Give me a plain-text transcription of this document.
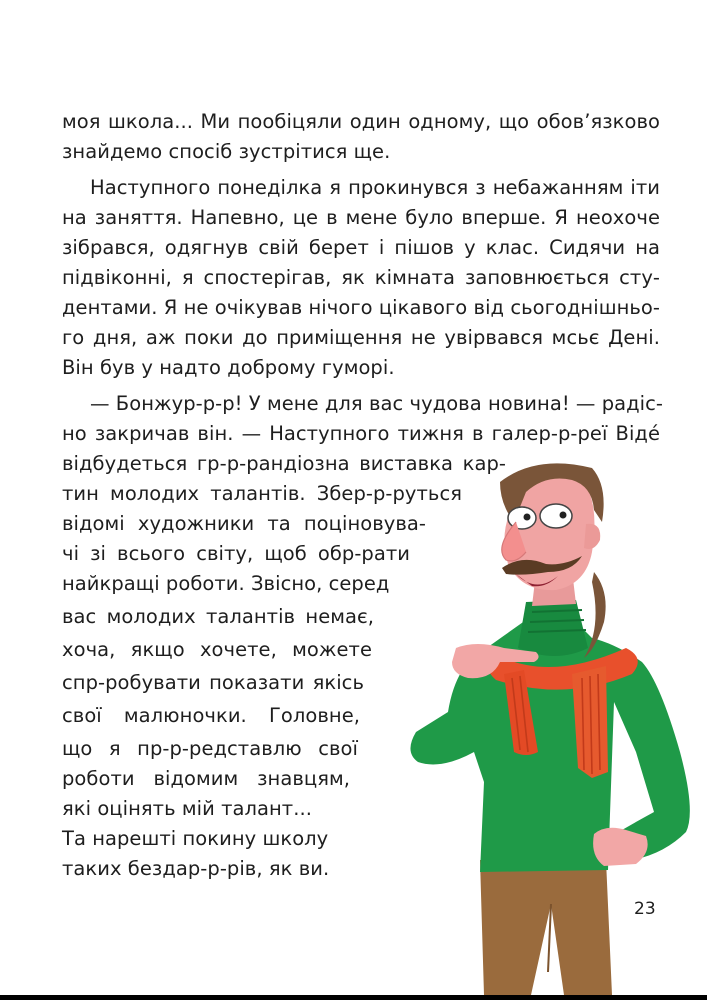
моя школа... Ми пообіцяли один одному, що обов’язково
знайдемо спосіб зустрітися ще.
Наступного понеділка я прокинувся з небажанням іти
на заняття. Напевно, це в мене було вперше. Я неохоче
зібрався, одягнув свій берет і пішов у клас. Сидячи на
підвіконні, я спостерігав, як кімната заповнюється сту-
дентами. Я не очікував нічого цікавого від сьогоднішньо-
го дня, аж поки до приміщення не увірвався мсьє Дені.
Він був у надто доброму гуморі.
— Бонжур-р-р! У мене для вас чудова новина! — радіс-
но закричав він. — Наступного тижня в галер-р-реї Відé
відбудеться гр-р-рандіозна виставка кар-
тин молодих талантів. Збер-р-руться
відомі художники та поціновува-
чі зі всього світу, щоб обр-рати
найкращі роботи. Звісно, серед
вас молодих талантів немає,
хоча, якщо хочете, можете
спр-робувати показати якісь
свої малюночки. Головне,
що я пр-р-редставлю свої
роботи відомим знавцям,
які оцінять мій талант...
Та нарешті покину школу
таких бездар-р-рів, як ви.
23
